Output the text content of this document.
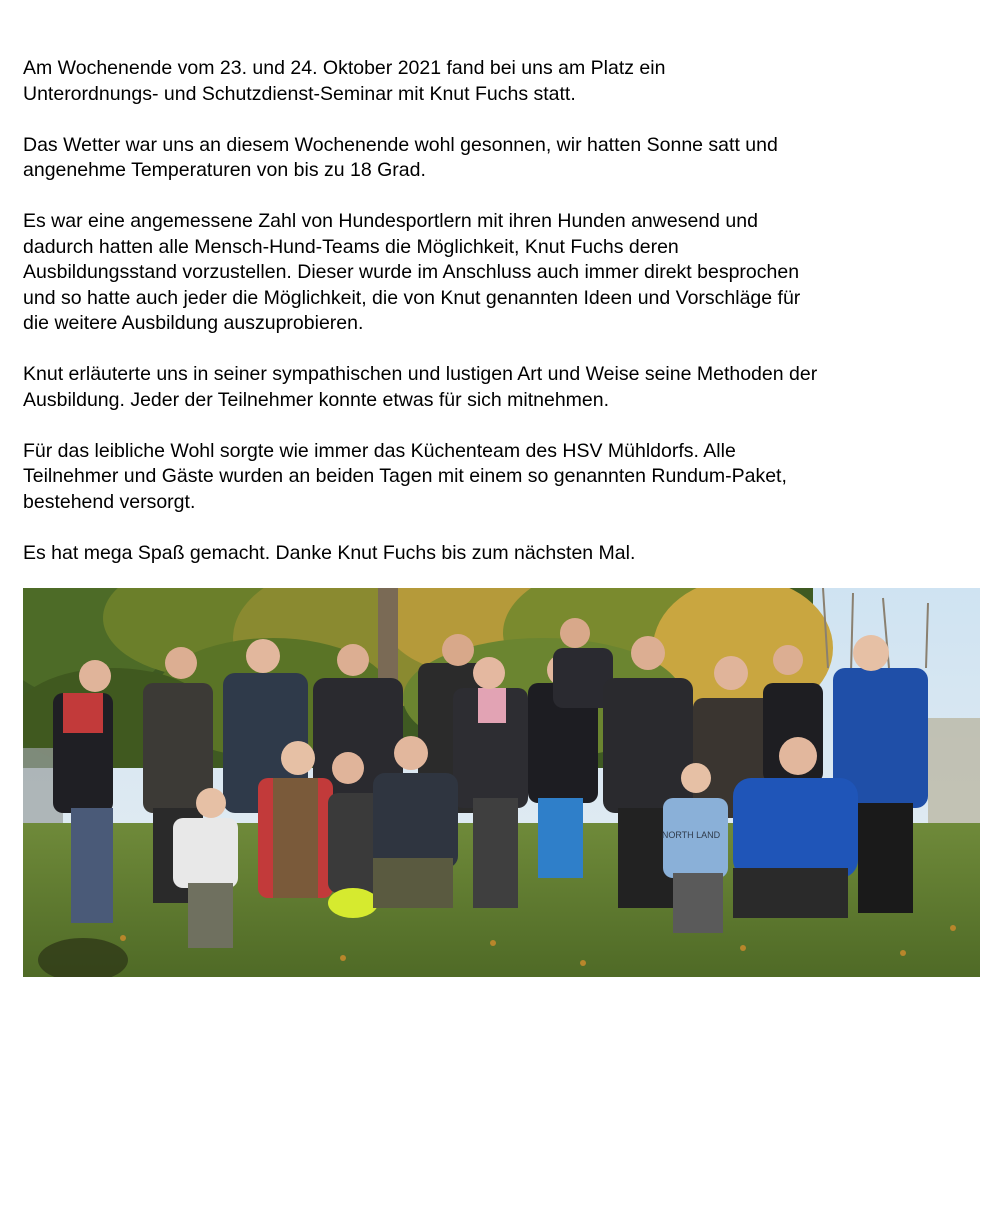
Am Wochenende vom 23. und 24. Oktober 2021 fand bei uns am Platz ein
Unterordnungs- und Schutzdienst-Seminar mit Knut Fuchs statt.

Das Wetter war uns an diesem Wochenende wohl gesonnen, wir hatten Sonne satt und
angenehme Temperaturen von bis zu 18 Grad.

Es war eine angemessene Zahl von Hundesportlern mit ihren Hunden anwesend und
dadurch hatten alle Mensch-Hund-Teams die Möglichkeit, Knut Fuchs deren
Ausbildungsstand vorzustellen. Dieser wurde im Anschluss auch immer direkt besprochen
und so hatte auch jeder die Möglichkeit, die von Knut genannten Ideen und Vorschläge für
die weitere Ausbildung auszuprobieren.

Knut erläuterte uns in seiner sympathischen und lustigen Art und Weise seine Methoden der
Ausbildung. Jeder der Teilnehmer konnte etwas für sich mitnehmen.

Für das leibliche Wohl sorgte wie immer das Küchenteam des HSV Mühldorfs. Alle
Teilnehmer und Gäste wurden an beiden Tagen mit einem so genannten Rundum-Paket,
bestehend versorgt.

Es hat mega Spaß gemacht. Danke Knut Fuchs bis zum nächsten Mal.

NORTH LAND
